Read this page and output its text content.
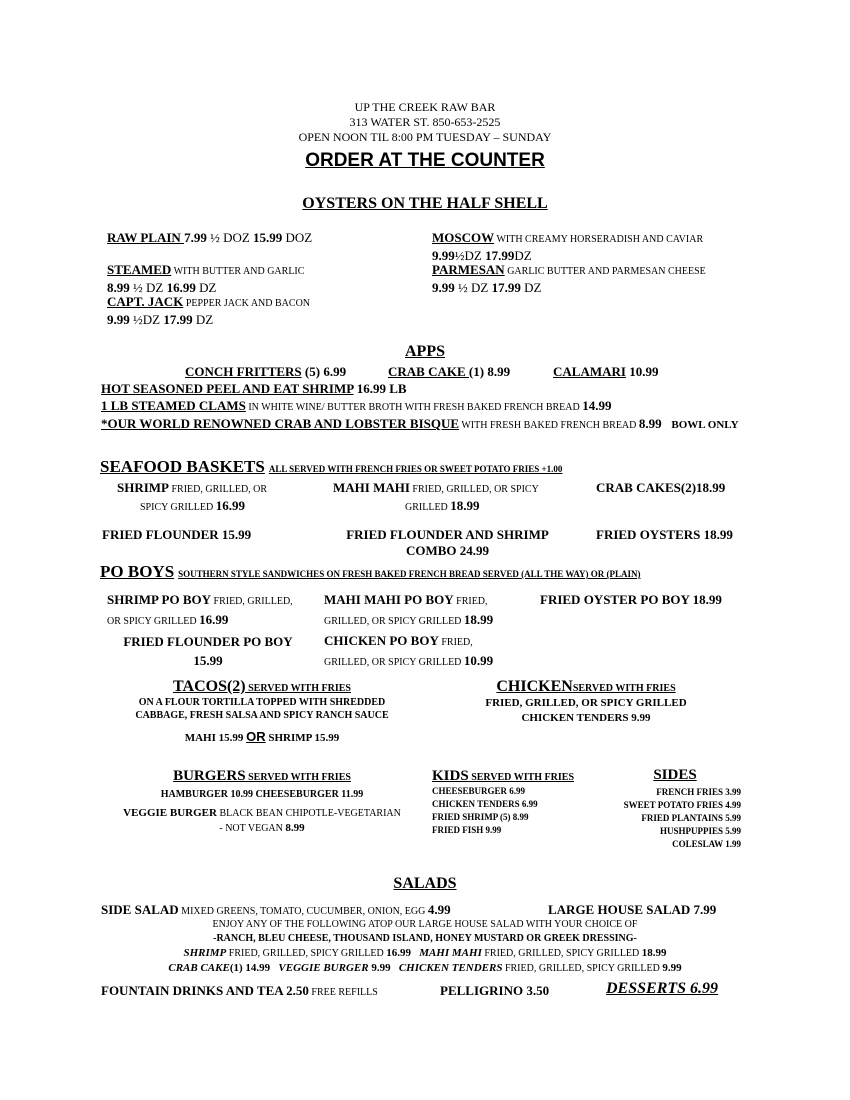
UP THE CREEK RAW BAR
313 WATER ST. 850-653-2525
OPEN NOON TIL 8:00 PM TUESDAY – SUNDAY
ORDER AT THE COUNTER
OYSTERS ON THE HALF SHELL
RAW PLAIN 7.99 ½ DOZ 15.99 DOZ
STEAMED WITH BUTTER AND GARLIC
8.99 ½ DZ 16.99 DZ
CAPT. JACK PEPPER JACK AND BACON
9.99 ½DZ 17.99 DZ
MOSCOW WITH CREAMY HORSERADISH AND CAVIAR
9.99½DZ 17.99DZ
PARMESAN GARLIC BUTTER AND PARMESAN CHEESE
9.99 ½ DZ 17.99 DZ
APPS
CONCH FRITTERS (5) 6.99	CRAB CAKE (1) 8.99	CALAMARI 10.99
HOT SEASONED PEEL AND EAT SHRIMP 16.99 LB
1 LB STEAMED CLAMS IN WHITE WINE/ BUTTER BROTH WITH FRESH BAKED FRENCH BREAD 14.99
*OUR WORLD RENOWNED CRAB AND LOBSTER BISQUE WITH FRESH BAKED FRENCH BREAD 8.99 BOWL ONLY
SEAFOOD BASKETS ALL SERVED WITH FRENCH FRIES OR SWEET POTATO FRIES +1.00
SHRIMP FRIED, GRILLED, OR
SPICY GRILLED 16.99
MAHI MAHI FRIED, GRILLED, OR SPICY
GRILLED 18.99
CRAB CAKES(2)18.99
FRIED FLOUNDER 15.99	FRIED FLOUNDER AND SHRIMP
COMBO 24.99
FRIED OYSTERS 18.99
PO BOYS SOUTHERN STYLE SANDWICHES ON FRESH BAKED FRENCH BREAD SERVED (ALL THE WAY) OR (PLAIN)
SHRIMP PO BOY FRIED, GRILLED,
OR SPICY GRILLED 16.99
MAHI MAHI PO BOY FRIED,
GRILLED, OR SPICY GRILLED 18.99
FRIED OYSTER PO BOY 18.99
FRIED FLOUNDER PO BOY
15.99
CHICKEN PO BOY FRIED,
GRILLED, OR SPICY GRILLED 10.99
TACOS(2) SERVED WITH FRIES
ON A FLOUR TORTILLA TOPPED WITH SHREDDED
CABBAGE, FRESH SALSA AND SPICY RANCH SAUCE
MAHI 15.99 OR SHRIMP 15.99
CHICKENSERVED WITH FRIES
FRIED, GRILLED, OR SPICY GRILLED
CHICKEN TENDERS 9.99
BURGERS SERVED WITH FRIES
HAMBURGER 10.99 CHEESEBURGER 11.99
VEGGIE BURGER BLACK BEAN CHIPOTLE-VEGETARIAN
- NOT VEGAN 8.99
KIDS SERVED WITH FRIES
CHEESEBURGER 6.99
CHICKEN TENDERS 6.99
FRIED SHRIMP (5) 8.99
FRIED FISH 9.99
SIDES
FRENCH FRIES 3.99
SWEET POTATO FRIES 4.99
FRIED PLANTAINS 5.99
HUSHPUPPIES 5.99
COLESLAW 1.99
SALADS
SIDE SALAD MIXED GREENS, TOMATO, CUCUMBER, ONION, EGG 4.99	LARGE HOUSE SALAD 7.99
ENJOY ANY OF THE FOLLOWING ATOP OUR LARGE HOUSE SALAD WITH YOUR CHOICE OF
-RANCH, BLEU CHEESE, THOUSAND ISLAND, HONEY MUSTARD OR GREEK DRESSING-
SHRIMP FRIED, GRILLED, SPICY GRILLED 16.99 MAHI MAHI FRIED, GRILLED, SPICY GRILLED 18.99
CRAB CAKE(1) 14.99 VEGGIE BURGER 9.99 CHICKEN TENDERS FRIED, GRILLED, SPICY GRILLED 9.99
FOUNTAIN DRINKS AND TEA 2.50 FREE REFILLS	PELLIGRINO 3.50	DESSERTS 6.99
